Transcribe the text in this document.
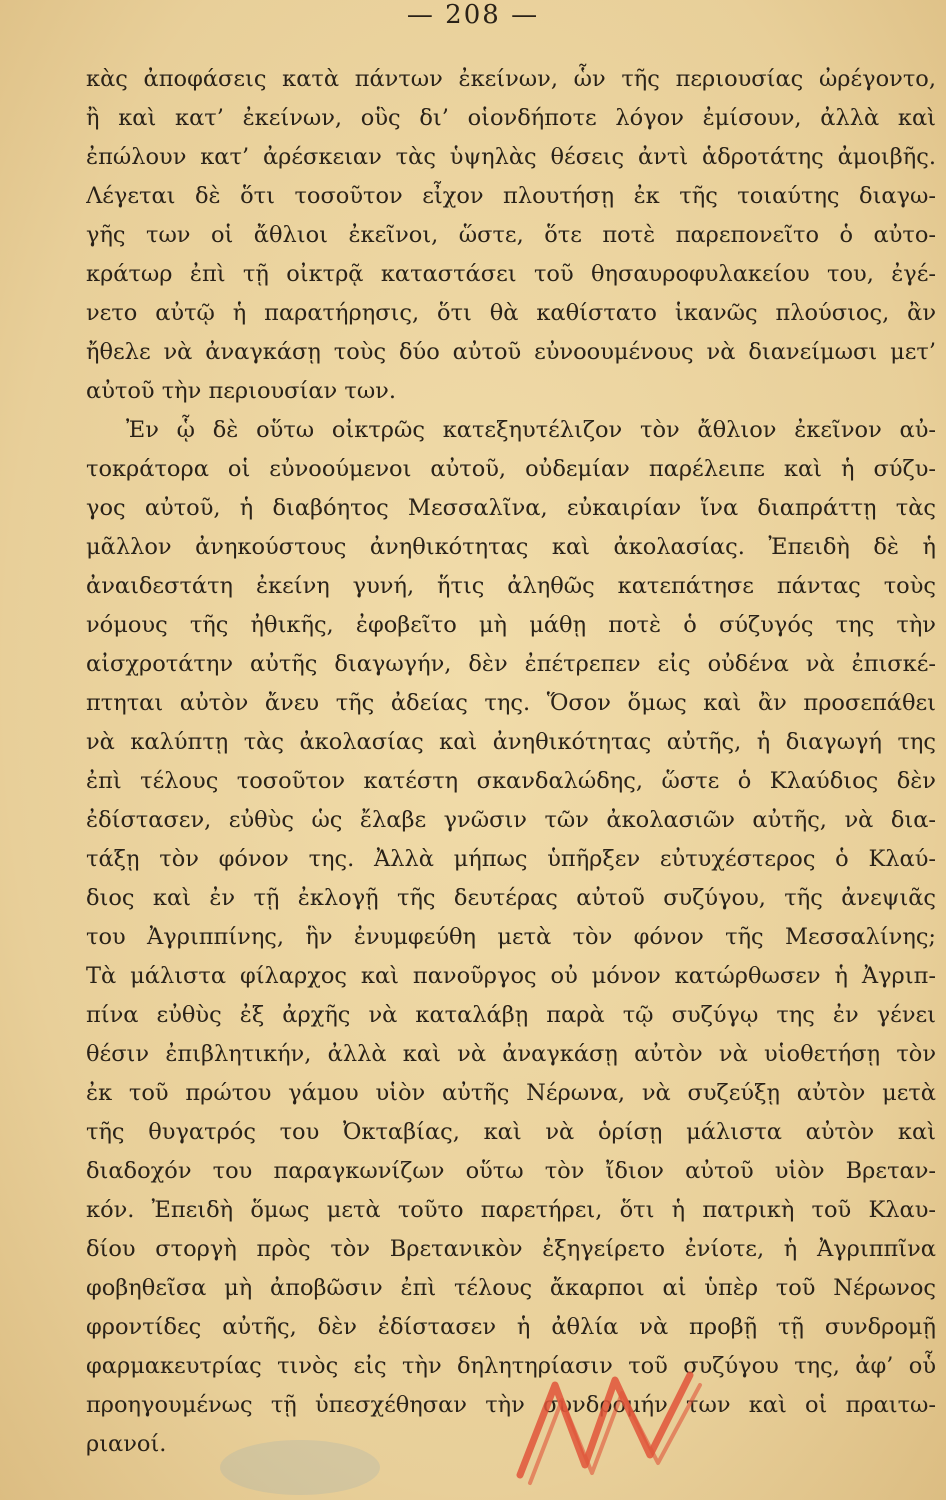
— 208 —
κὰς ἀποφάσεις κατὰ πάντων ἐκείνων, ὧν τῆς περιουσίας ὠρέγοντο,
ἢ καὶ κατ’ ἐκείνων, οὓς δι’ οἱονδήποτε λόγον ἐμίσουν, ἀλλὰ καὶ
ἐπώλουν κατ’ ἀρέσκειαν τὰς ὑψηλὰς θέσεις ἀντὶ ἁδροτάτης ἀμοιβῆς.
Λέγεται δὲ ὅτι τοσοῦτον εἶχον πλουτήσῃ ἐκ τῆς τοιαύτης διαγω-
γῆς των οἱ ἄθλιοι ἐκεῖνοι, ὥστε, ὅτε ποτὲ παρεπονεῖτο ὁ αὐτο-
κράτωρ ἐπὶ τῇ οἰκτρᾷ καταστάσει τοῦ θησαυροφυλακείου του, ἐγέ-
νετο αὐτῷ ἡ παρατήρησις, ὅτι θὰ καθίστατο ἱκανῶς πλούσιος, ἂν
ἤθελε νὰ ἀναγκάσῃ τοὺς δύο αὐτοῦ εὐνοουμένους νὰ διανείμωσι μετ’
αὐτοῦ τὴν περιουσίαν των.
Ἐν ᾧ δὲ οὕτω οἰκτρῶς κατεξηυτέλιζον τὸν ἄθλιον ἐκεῖνον αὐ-
τοκράτορα οἱ εὐνοούμενοι αὐτοῦ, οὐδεμίαν παρέλειπε καὶ ἡ σύζυ-
γος αὐτοῦ, ἡ διαβόητος Μεσσαλῖνα, εὐκαιρίαν ἵνα διαπράττῃ τὰς
μᾶλλον ἀνηκούστους ἀνηθικότητας καὶ ἀκολασίας. Ἐπειδὴ δὲ ἡ
ἀναιδεστάτη ἐκείνη γυνή, ἥτις ἀληθῶς κατεπάτησε πάντας τοὺς
νόμους τῆς ἠθικῆς, ἐφοβεῖτο μὴ μάθῃ ποτὲ ὁ σύζυγός της τὴν
αἰσχροτάτην αὐτῆς διαγωγήν, δὲν ἐπέτρεπεν εἰς οὐδένα νὰ ἐπισκέ-
πτηται αὐτὸν ἄνευ τῆς ἀδείας της. Ὅσον ὅμως καὶ ἂν προσεπάθει
νὰ καλύπτῃ τὰς ἀκολασίας καὶ ἀνηθικότητας αὐτῆς, ἡ διαγωγή της
ἐπὶ τέλους τοσοῦτον κατέστη σκανδαλώδης, ὥστε ὁ Κλαύδιος δὲν
ἐδίστασεν, εὐθὺς ὡς ἔλαβε γνῶσιν τῶν ἀκολασιῶν αὐτῆς, νὰ δια-
τάξῃ τὸν φόνον της. Ἀλλὰ μήπως ὑπῆρξεν εὐτυχέστερος ὁ Κλαύ-
διος καὶ ἐν τῇ ἐκλογῇ τῆς δευτέρας αὐτοῦ συζύγου, τῆς ἀνεψιᾶς
του Ἀγριππίνης, ἣν ἐνυμφεύθη μετὰ τὸν φόνον τῆς Μεσσαλίνης;
Τὰ μάλιστα φίλαρχος καὶ πανοῦργος οὐ μόνον κατώρθωσεν ἡ Ἀγριπ-
πίνα εὐθὺς ἐξ ἀρχῆς νὰ καταλάβῃ παρὰ τῷ συζύγῳ της ἐν γένει
θέσιν ἐπιβλητικήν, ἀλλὰ καὶ νὰ ἀναγκάσῃ αὐτὸν νὰ υἱοθετήσῃ τὸν
ἐκ τοῦ πρώτου γάμου υἱὸν αὐτῆς Νέρωνα, νὰ συζεύξῃ αὐτὸν μετὰ
τῆς θυγατρός του Ὀκταβίας, καὶ νὰ ὁρίσῃ μάλιστα αὐτὸν καὶ
διαδοχόν του παραγκωνίζων οὕτω τὸν ἴδιον αὐτοῦ υἱὸν Βρεταν-
κόν. Ἐπειδὴ ὅμως μετὰ τοῦτο παρετήρει, ὅτι ἡ πατρικὴ τοῦ Κλαυ-
δίου στοργὴ πρὸς τὸν Βρετανικὸν ἐξηγείρετο ἐνίοτε, ἡ Ἀγριππῖνα
φοβηθεῖσα μὴ ἀποβῶσιν ἐπὶ τέλους ἄκαρποι αἱ ὑπὲρ τοῦ Νέρωνος
φροντίδες αὐτῆς, δὲν ἐδίστασεν ἡ ἀθλία νὰ προβῇ τῇ συνδρομῇ
φαρμακευτρίας τινὸς εἰς τὴν δηλητηρίασιν τοῦ συζύγου της, ἀφ’ οὗ
προηγουμένως τῇ ὑπεσχέθησαν τὴν συνδρομήν των καὶ οἱ πραιτω-
ριανοί.
